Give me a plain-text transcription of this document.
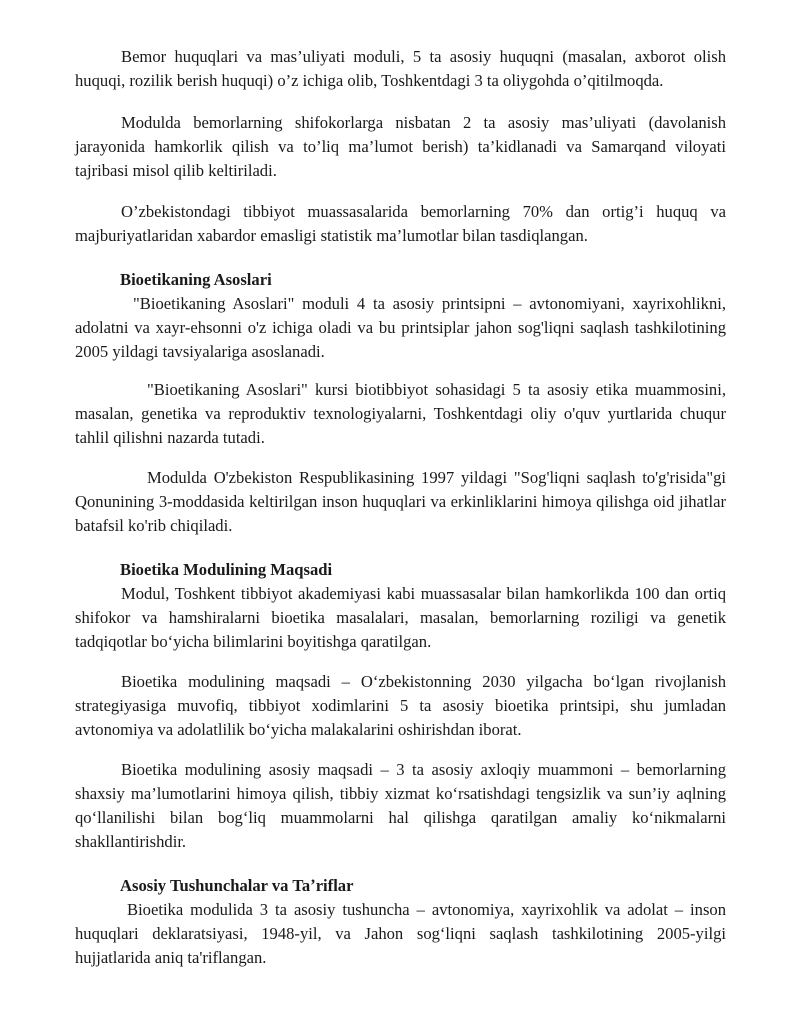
Bemor huquqlari va mas’uliyati moduli, 5 ta asosiy huquqni (masalan, axborot olish huquqi, rozilik berish huquqi) o’z ichiga olib, Toshkentdagi 3 ta oliygohda o’qitilmoqda.

Modulda bemorlarning shifokorlarga nisbatan 2 ta asosiy mas’uliyati (davolanish jarayonida hamkorlik qilish va to’liq ma’lumot berish) ta’kidlanadi va Samarqand viloyati tajribasi misol qilib keltiriladi.

O’zbekistondagi tibbiyot muassasalarida bemorlarning 70% dan ortig’i huquq va majburiyatlaridan xabardor emasligi statistik ma’lumotlar bilan tasdiqlangan.

Bioetikaning Asoslari

"Bioetikaning Asoslari" moduli 4 ta asosiy printsipni – avtonomiyani, xayrixohlikni, adolatni va xayr-ehsonni o'z ichiga oladi va bu printsiplar jahon sog'liqni saqlash tashkilotining 2005 yildagi tavsiyalariga asoslanadi.

"Bioetikaning Asoslari" kursi biotibbiyot sohasidagi 5 ta asosiy etika muammosini, masalan, genetika va reproduktiv texnologiyalarni, Toshkentdagi oliy o'quv yurtlarida chuqur tahlil qilishni nazarda tutadi.

Modulda O'zbekiston Respublikasining 1997 yildagi "Sog'liqni saqlash to'g'risida"gi Qonunining 3-moddasida keltirilgan inson huquqlari va erkinliklarini himoya qilishga oid jihatlar batafsil ko'rib chiqiladi.

Bioetika Modulining Maqsadi

Modul, Toshkent tibbiyot akademiyasi kabi muassasalar bilan hamkorlikda 100 dan ortiq shifokor va hamshiralarni bioetika masalalari, masalan, bemorlarning roziligi va genetik tadqiqotlar bo‘yicha bilimlarini boyitishga qaratilgan.

Bioetika modulining maqsadi – O‘zbekistonning 2030 yilgacha bo‘lgan rivojlanish strategiyasiga muvofiq, tibbiyot xodimlarini 5 ta asosiy bioetika printsipi, shu jumladan avtonomiya va adolatlilik bo‘yicha malakalarini oshirishdan iborat.

Bioetika modulining asosiy maqsadi – 3 ta asosiy axloqiy muammoni – bemorlarning shaxsiy ma’lumotlarini himoya qilish, tibbiy xizmat ko‘rsatishdagi tengsizlik va sun’iy aqlning qo‘llanilishi bilan bog‘liq muammolarni hal qilishga qaratilgan amaliy ko‘nikmalarni shakllantirishdir.

Asosiy Tushunchalar va Taʼriflar

Bioetika modulida 3 ta asosiy tushuncha – avtonomiya, xayrixohlik va adolat – inson huquqlari deklaratsiyasi, 1948-yil, va Jahon sog‘liqni saqlash tashkilotining 2005-yilgi hujjatlarida aniq ta'riflangan.
